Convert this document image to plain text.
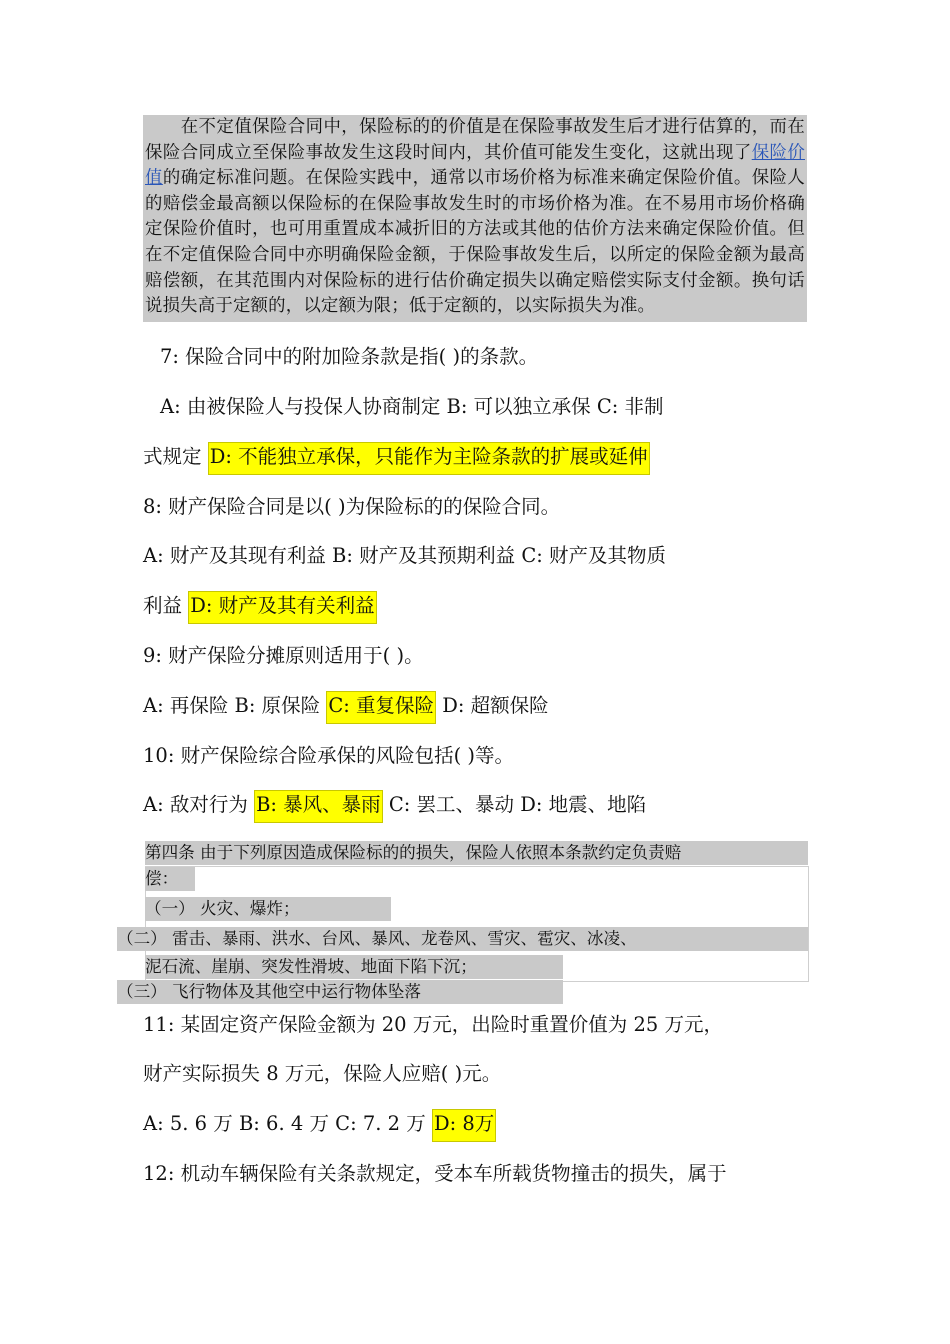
　　在不定值保险合同中，保险标的的价值是在保险事故发生后才进行估算的，而在保险合同成立至保险事故发生这段时间内，其价值可能发生变化，这就出现了保险价值的确定标准问题。在保险实践中，通常以市场价格为标准来确定保险价值。保险人的赔偿金最高额以保险标的在保险事故发生时的市场价格为准。在不易用市场价格确定保险价值时，也可用重置成本减折旧的方法或其他的估价方法来确定保险价值。但在不定值保险合同中亦明确保险金额，于保险事故发生后，以所定的保险金额为最高赔偿额，在其范围内对保险标的进行估价确定损失以确定赔偿实际支付金额。换句话说损失高于定额的，以定额为限；低于定额的，以实际损失为准。
7: 保险合同中的附加险条款是指( )的条款。
A: 由被保险人与投保人协商制定 B: 可以独立承保 C: 非制
式规定 D: 不能独立承保，只能作为主险条款的扩展或延伸
8: 财产保险合同是以( )为保险标的的保险合同。
A: 财产及其现有利益 B: 财产及其预期利益 C: 财产及其物质
利益 D: 财产及其有关利益
9: 财产保险分摊原则适用于( )。
A: 再保险 B: 原保险 C: 重复保险 D: 超额保险
10: 财产保险综合险承保的风险包括( )等。
A: 敌对行为 B: 暴风、暴雨 C: 罢工、暴动 D: 地震、地陷
第四条 由于下列原因造成保险标的的损失，保险人依照本条款约定负责赔
偿：
（一） 火灾、爆炸；
（二） 雷击、暴雨、洪水、台风、暴风、龙卷风、雪灾、雹灾、冰凌、
泥石流、崖崩、突发性滑坡、地面下陷下沉；
（三） 飞行物体及其他空中运行物体坠落
11: 某固定资产保险金额为 20 万元，出险时重置价值为 25 万元，
财产实际损失 8 万元，保险人应赔( )元。
A: 5. 6 万 B: 6. 4 万 C: 7. 2 万 D: 8万
12: 机动车辆保险有关条款规定，受本车所载货物撞击的损失，属于
